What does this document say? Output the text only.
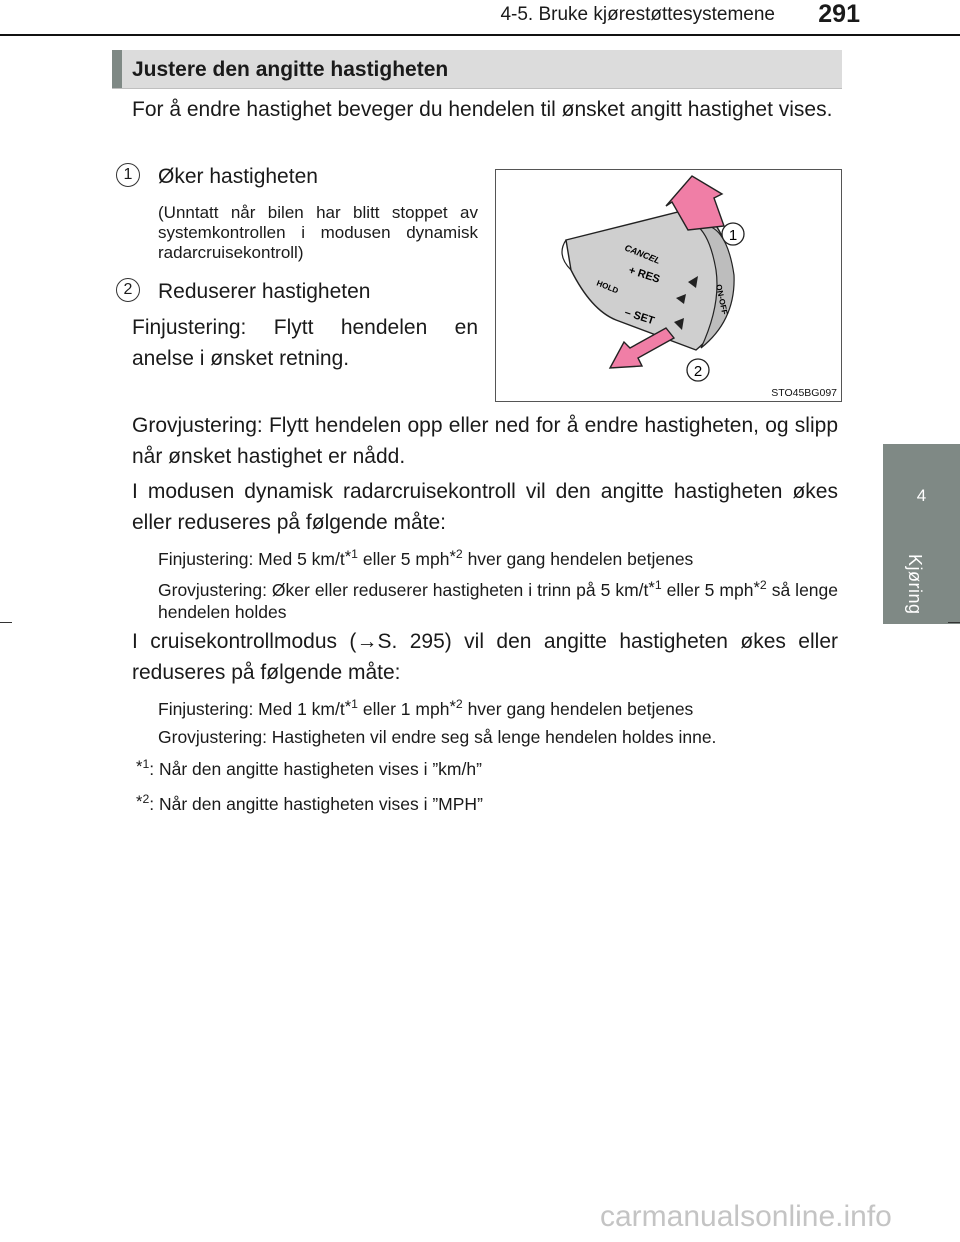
4-5. Bruke kjørestøttesystemene	291
4
Kjøring
Justere den angitte hastigheten

For å endre hastighet beveger du hendelen til ønsket angitt hastighet vises.

1	Øker hastigheten

(Unntatt når bilen har blitt stoppet av systemkontrollen i modusen dynamisk radarcruisekontroll)

2	Reduserer hastigheten

Finjustering: Flytt hendelen en anelse i ønsket retning.

CANCEL
+ RES
HOLD
– SET
ON-OFF
1
2
STO45BG097

Grovjustering: Flytt hendelen opp eller ned for å endre hastigheten, og slipp når ønsket hastighet er nådd.

I modusen dynamisk radarcruisekontroll vil den angitte hastigheten økes eller reduseres på følgende måte:

Finjustering: Med 5 $km/t^{*1}$ eller 5 mph$^{*2}$ hver gang hendelen betjenes

Grovjustering: Øker eller reduserer hastigheten i trinn på 5 $km/t^{*1}$ eller 5 mph$^{*2}$ så lenge hendelen holdes

I cruisekontrollmodus (→S. 295) vil den angitte hastigheten økes eller reduseres på følgende måte:

Finjustering: Med 1 $km/t^{*1}$ eller 1 mph$^{*2}$ hver gang hendelen betjenes

Grovjustering: Hastigheten vil endre seg så lenge hendelen holdes inne.

$^{*1}$: Når den angitte hastigheten vises i ”km/h”
$^{*2}$: Når den angitte hastigheten vises i ”MPH”
carmanualsonline.info
